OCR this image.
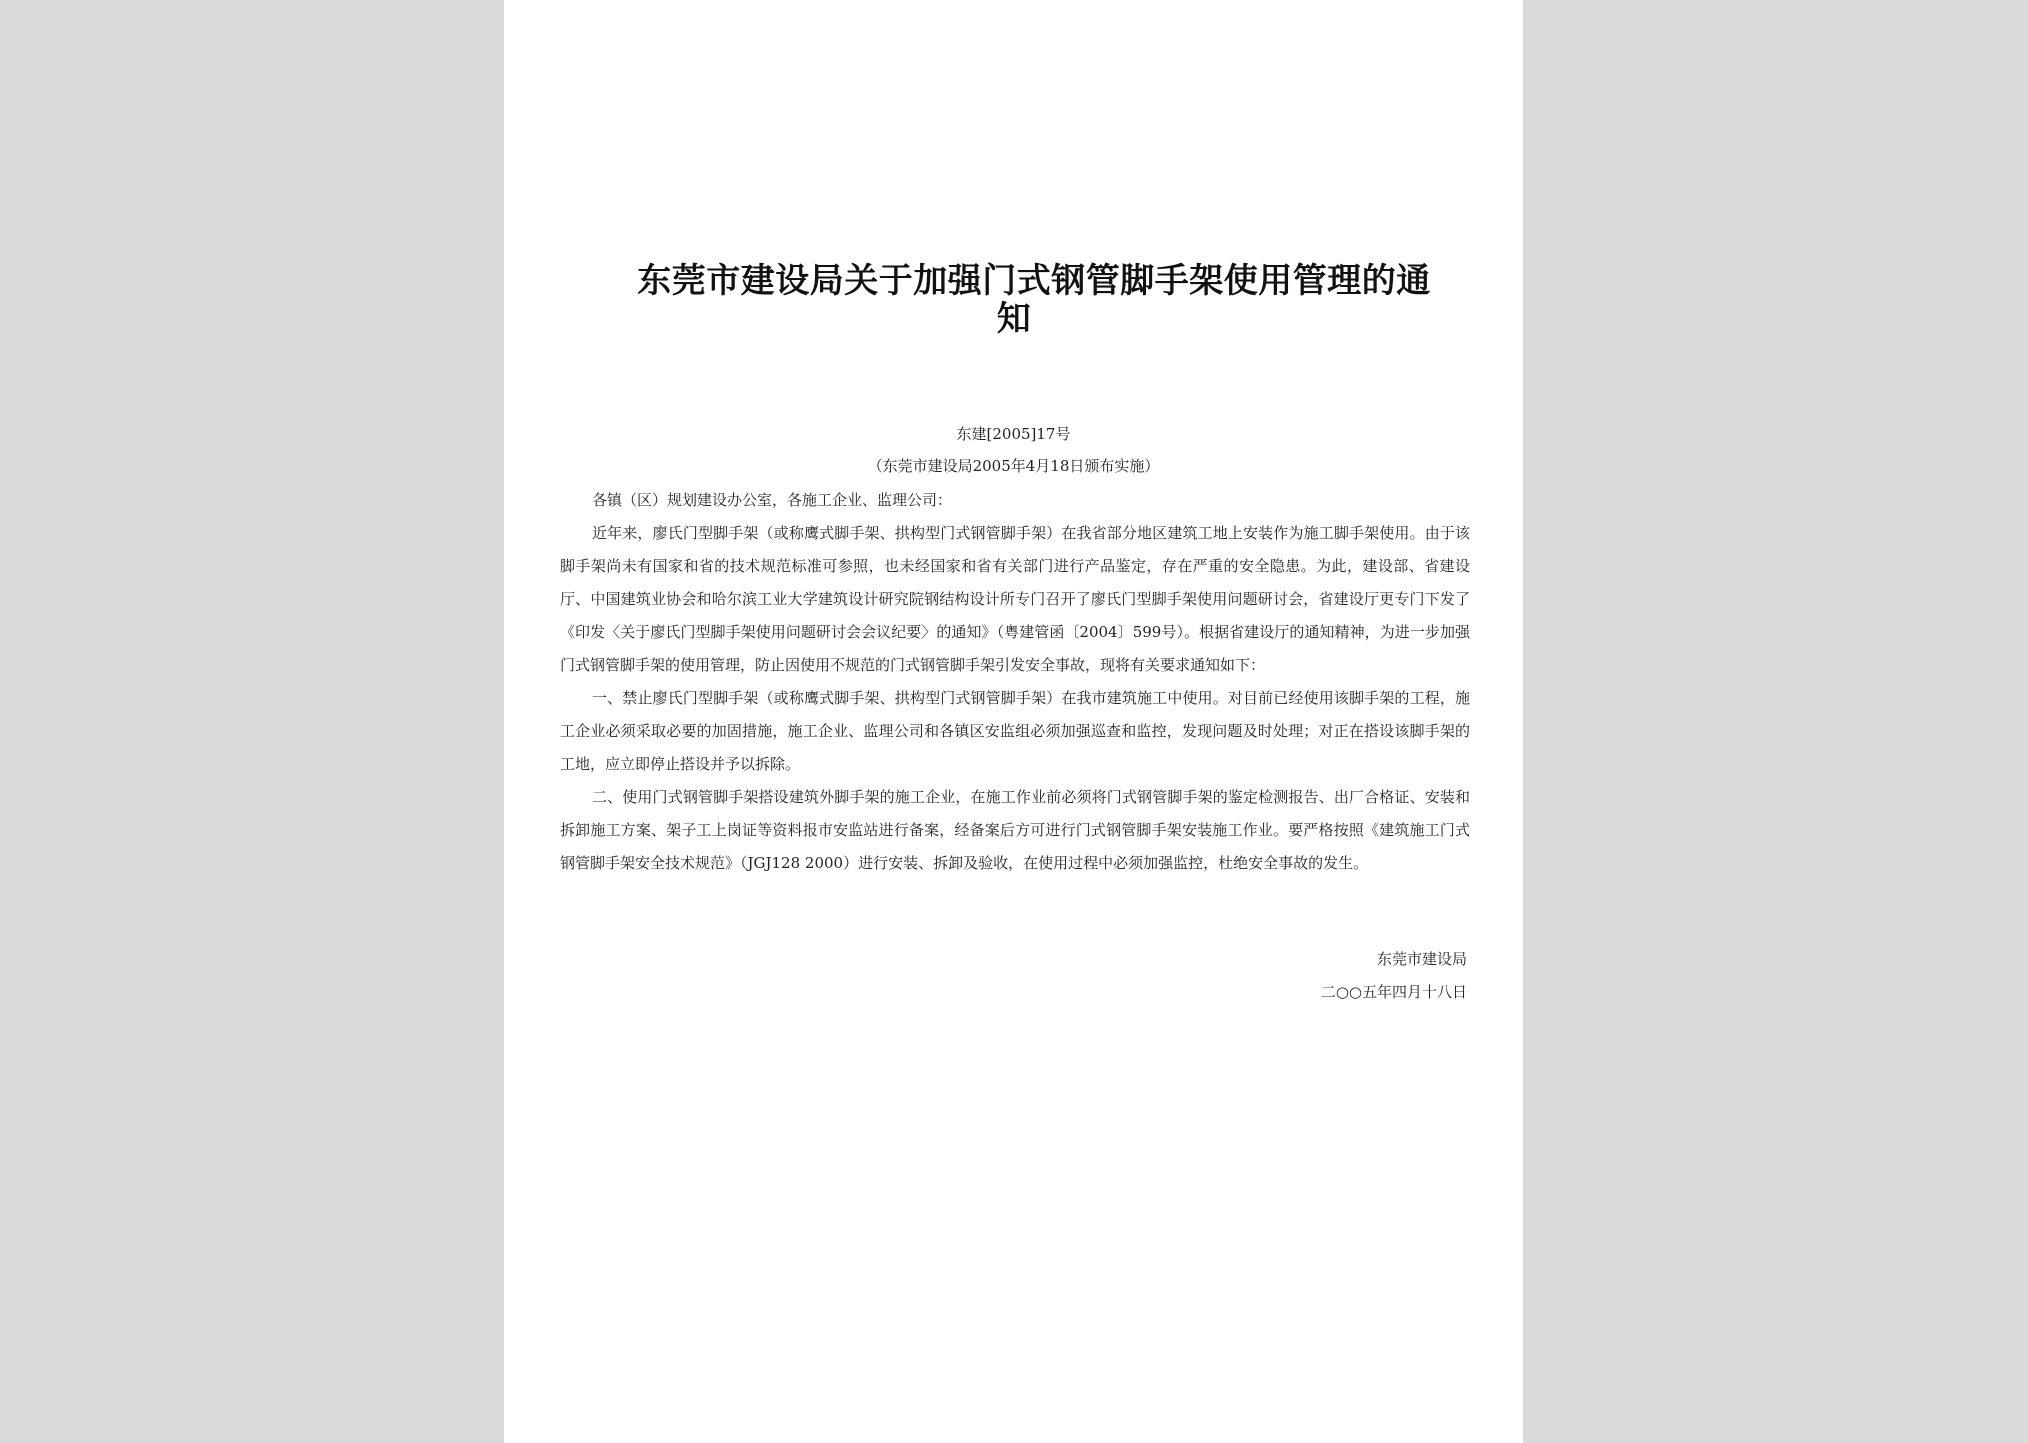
东莞市建设局关于加强门式钢管脚手架使用管理的通
知
东建[2005]17号
（东莞市建设局2005年4月18日颁布实施）

各镇（区）规划建设办公室，各施工企业、监理公司：

近年来，廖氏门型脚手架（或称鹰式脚手架、拱构型门式钢管脚手架）在我省部分地区建筑工地上安装作为施工脚手架使用。由于该脚手架尚未有国家和省的技术规范标准可参照，也未经国家和省有关部门进行产品鉴定，存在严重的安全隐患。为此，建设部、省建设厅、中国建筑业协会和哈尔滨工业大学建筑设计研究院钢结构设计所专门召开了廖氏门型脚手架使用问题研讨会，省建设厅更专门下发了《印发〈关于廖氏门型脚手架使用问题研讨会会议纪要〉的通知》（粤建管函〔2004〕599号）。根据省建设厅的通知精神，为进一步加强门式钢管脚手架的使用管理，防止因使用不规范的门式钢管脚手架引发安全事故，现将有关要求通知如下：

一、禁止廖氏门型脚手架（或称鹰式脚手架、拱构型门式钢管脚手架）在我市建筑施工中使用。对目前已经使用该脚手架的工程，施工企业必须采取必要的加固措施，施工企业、监理公司和各镇区安监组必须加强巡查和监控，发现问题及时处理；对正在搭设该脚手架的工地，应立即停止搭设并予以拆除。

二、使用门式钢管脚手架搭设建筑外脚手架的施工企业，在施工作业前必须将门式钢管脚手架的鉴定检测报告、出厂合格证、安装和拆卸施工方案、架子工上岗证等资料报市安监站进行备案，经备案后方可进行门式钢管脚手架安装施工作业。要严格按照《建筑施工门式钢管脚手架安全技术规范》（JGJ128 2000）进行安装、拆卸及验收，在使用过程中必须加强监控，杜绝安全事故的发生。

东莞市建设局
二○○五年四月十八日
